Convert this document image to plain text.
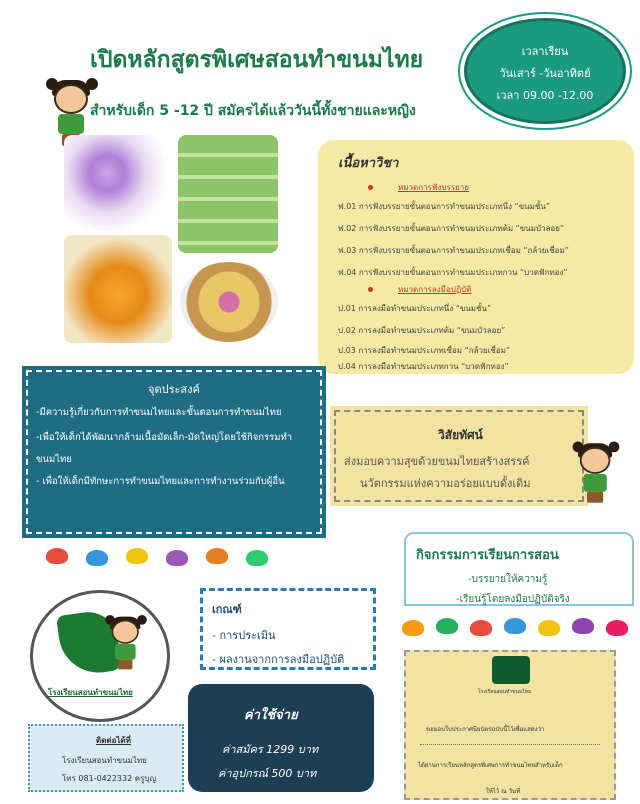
เปิดหลักสูตรพิเศษสอนทำขนมไทย
สำหรับเด็ก 5 -12 ปี สมัครได้แล้ววันนี้ทั้งชายและหญิง
เวลาเรียน
วันเสาร์ -วันอาทิตย์
เวลา 09.00 -12.00
เนื้อหาวิชา
หมวดการฟังบรรยาย
ฟ.01 การฟังบรรยายขั้นตอนการทำขนมประเภทนึ่ง “ขนมชั้น”
ฟ.02 การฟังบรรยายขั้นตอนการทำขนมประเภทต้ม “ขนมบัวลอย”
ฟ.03 การฟังบรรยายขั้นตอนการทำขนมประเภทเชื่อม “กล้วยเชื่อม”
ฟ.04 การฟังบรรยายขั้นตอนการทำขนมประเภทกวน “บวดฟักทอง”
หมวดการลงมือปฏิบัติ
ป.01 การลงมือทำขนมประเภทนึ่ง “ขนมชั้น”
ป.02 การลงมือทำขนมประเภทต้ม “ขนมบัวลอย”
ป.03 การลงมือทำขนมประเภทเชื่อม “กล้วยเชื่อม”
ป.04 การลงมือทำขนมประเภทกวน “บวดฟักทอง”
จุดประสงค์
-มีความรู้เกี่ยวกับการทำขนมไทยและขั้นตอนการทำขนมไทย
-เพื่อให้เด็กได้พัฒนากล้ามเนื้อมัดเล็ก-มัดใหญ่โดยใช้กิจกรรมทำ
ขนมไทย
- เพื่อให้เด็กมีทักษะการทำขนมไทยและการทำงานร่วมกับผู้อื่น
วิสัยทัศน์
ส่งมอบความสุขด้วยขนมไทยสร้างสรรค์
นวัตกรรมแห่งความอร่อยแบบดั้งเดิม
กิจกรรมการเรียนการสอน
-บรรยายให้ความรู้
-เรียนรู้โดยลงมือปฏิบัติจริง
โรงเรียนสอนทำขนมไทย
ขอมอบใบประกาศนียบัตรฉบับนี้ไว้เพื่อแสดงว่า
ได้ผ่านการเรียนหลักสูตรพิเศษการทำขนมไทยสำหรับเด็ก
ให้ไว้ ณ วันที่
เกณฑ์
- การประเมิน
- ผลงานจากการลงมือปฏิบัติ
ค่าใช้จ่าย
ค่าสมัคร 1299 บาท
ค่าอุปกรณ์ 500 บาท
โรงเรียนสอนทำขนมไทย
ติดต่อได้ที่
โรงเรียนสอนทำขนมไทย
โทร 081-0422332 ครูบุญ
